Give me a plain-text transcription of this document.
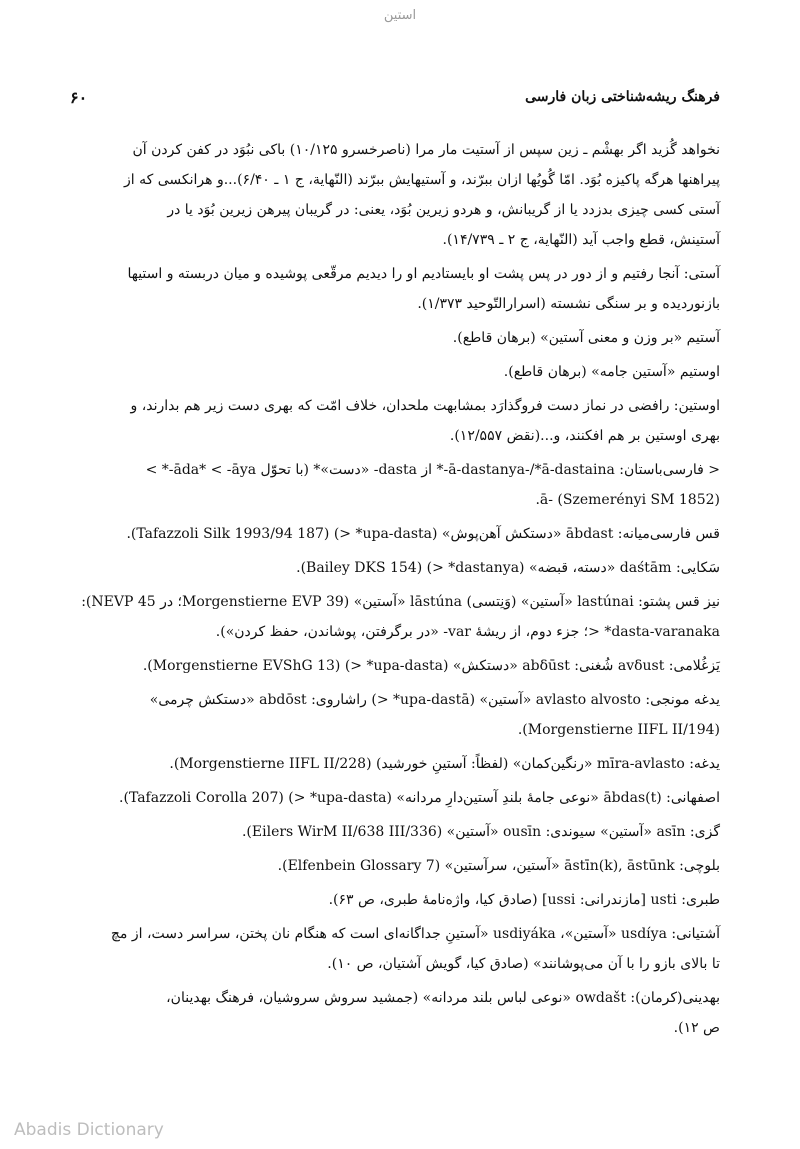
استین
۶۰	فرهنگ ریشه‌شناختی زبان فارسی
نخواهد گُزید اگر بهشْم ـ زین سپس از آستیت مار مرا (ناصرخسرو ۱۰/۱۲۵) باکی نبُوَد در کفن کردن آن
پیراهنها هرگه پاکیزه بُوَد. امّا گُویُها ازان ببرّند، و آستیهایش ببرّند (النّهایة، ج ۱ ـ ۶/۴۰)...و هرانکسی که از
آستی کسی چیزی بدزدد یا از گریبانش، و هردو زیرین بُوَد، یعنی: در گریبان پیرهن زیرین بُوَد یا در
آستینش، قطع واجب آید (النّهایة، ج ۲ ـ ۱۴/۷۳۹).
آستی: آنجا رفتیم و از دور در پس پشت او بایستادیم او را دیدیم مرقّعی پوشیده و میان دربسته و استیها
بازنوردیده و بر سنگی نشسته (اسرارالتّوحید ۱/۳۷۳).
آستیم «بر وزن و معنی آستین» (برهان قاطع).
اوستیم «آستین جامه» (برهان قاطع).
اوستین: رافضی در نماز دست فروگذارَد بمشابهت ملحدان، خلاف امّت که بهری دست زیر هم بدارند، و
بهری اوستین بر هم افکنند، و...(نقض ۱۲/۵۵۷).
< فارسی‌باستان: ā-dastanya-/*ā-dastaina-* از dasta- «دست»* (با تحوّل ‎-āda* < ‎-āya* >
(ā- (Szemerényi SM 1852.
قس فارسی‌میانه: ābdast «دستکش آهن‌پوش» (upa-dasta* <) (Tafazzoli Silk 1993/94 187).
سَکایی: daśtām «دسته، قبضه» (dastanya* <) (Bailey DKS 154).
نیز قس پشتو: lastúnai «آستین» (وَنِتسی) lāstúna «آستین» (Morgenstierne EVP 39؛ در NEVP 45):
dasta-varanaka* <؛ جزء دوم، از ریشهٔ var- «در برگرفتن، پوشاندن، حفظ کردن»).
یَزغُلامی: avδust شُغنی: abδūst «دستکش» (upa-dasta* <) (Morgenstierne EVShG 13).
یدغه مونجی: avlasto alvosto «آستین» (upa-dastā* <) راشاروی: abdōst «دستکش چرمی»
(Morgenstierne IIFL II/194).
یدغه: mīra-avlasto «رنگین‌کمان» (لفظاً: آستینِ خورشید) (Morgenstierne IIFL II/228).
اصفهانی: ābdas(t) «نوعی جامهٔ بلندِ آستین‌دارِ مردانه» (upa-dasta* <) (Tafazzoli Corolla 207).
گزی: asīn «آستین» سیوندی: ousīn «آستین» (Eilers WirM II/638 III/336).
بلوچی: āstīn(k), āstūnk «آستین، سرآستین» (Elfenbein Glossary 7).
طبری: usti [مازندرانی: ussi] (صادق کیا، واژه‌نامهٔ طبری، ص ۶۳).
آشتیانی: usdíya «آستین»، usdiyáka «آستینِ جداگانه‌ای است که هنگام نان پختن، سراسر دست، از مچ
تا بالای بازو را با آن می‌پوشانند» (صادق کیا، گویش آشتیان، ص ۱۰).
بهدینی(کرمان): owdašt «نوعی لباس بلند مردانه» (جمشید سروش سروشیان، فرهنگ بهدینان،
ص ۱۲).
Abadis Dictionary
